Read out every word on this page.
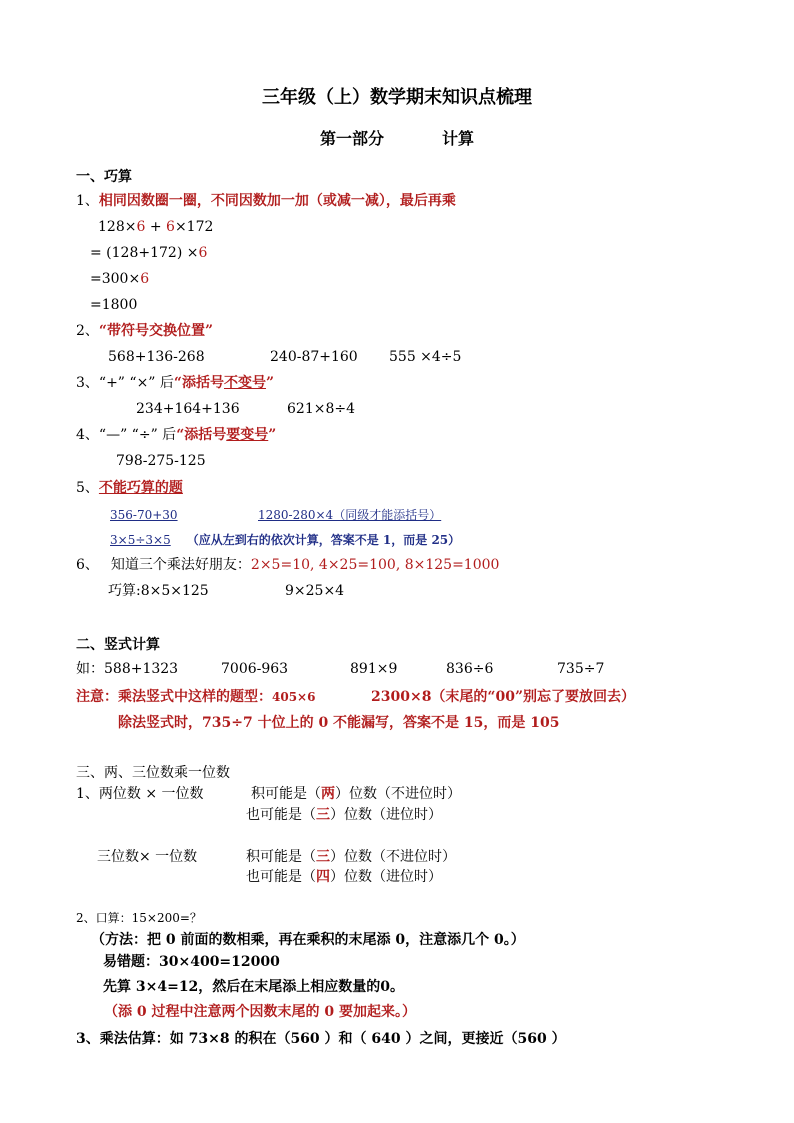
三年级（上）数学期末知识点梳理
第一部分	计算
一、巧算
1、相同因数圈一圈，不同因数加一加（或减一减），最后再乘
128×6 + 6×172
= (128+172) ×6
=300×6
=1800
2、“带符号交换位置”
568+136-268	240-87+160 555 ×4÷5
3、“+” “×” 后“添括号不变号”
234+164+136	621×8÷4
4、“—” “÷” 后“添括号要变号”
798-275-125
5、不能巧算的题
356-70+30	1280-280×4（同级才能添括号）
3×5÷3×5 （应从左到右的依次计算，答案不是 1，而是 25）
6、 知道三个乘法好朋友：2×5=10, 4×25=100, 8×125=1000
巧算:8×5×125	9×25×4
二、竖式计算
如：588+1323	7006-963	891×9	836÷6	735÷7
注意：乘法竖式中这样的题型：405×6	2300×8（末尾的“00”别忘了要放回去）
除法竖式时，735÷7 十位上的 0 不能漏写，答案不是 15，而是 105
三、两、三位数乘一位数
1、两位数 × 一位数	积可能是（两）位数（不进位时）
也可能是（三）位数（进位时）
三位数× 一位数	积可能是（三）位数（不进位时）
也可能是（四）位数（进位时）
2、口算：15×200=？
（方法：把 0 前面的数相乘，再在乘积的末尾添 0，注意添几个 0。）
易错题：30×400=12000
先算 3×4=12，然后在末尾添上相应数量的0。
（添 0 过程中注意两个因数末尾的 0 要加起来。）
3、乘法估算：如 73×8 的积在（560 ）和（ 640 ）之间，更接近（560 ）
